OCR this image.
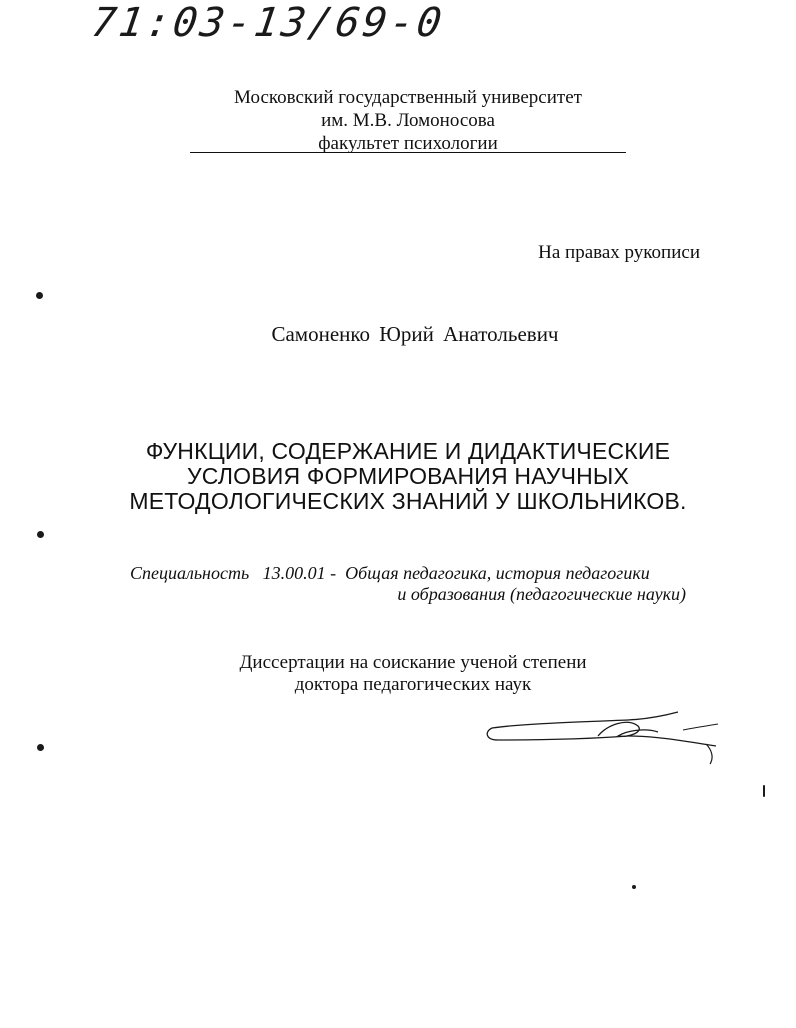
71:03-13/69-0
Московский государственный университет
им. М.В. Ломоносова
факультет психологии
На правах рукописи
Самоненко Юрий Анатольевич
ФУНКЦИИ, СОДЕРЖАНИЕ И ДИДАКТИЧЕСКИЕ
УСЛОВИЯ ФОРМИРОВАНИЯ НАУЧНЫХ
МЕТОДОЛОГИЧЕСКИХ ЗНАНИЙ У ШКОЛЬНИКОВ.
Специальность 13.00.01 - Общая педагогика, история педагогики
и образования (педагогические науки)
Диссертации на соискание ученой степени
доктора педагогических наук
